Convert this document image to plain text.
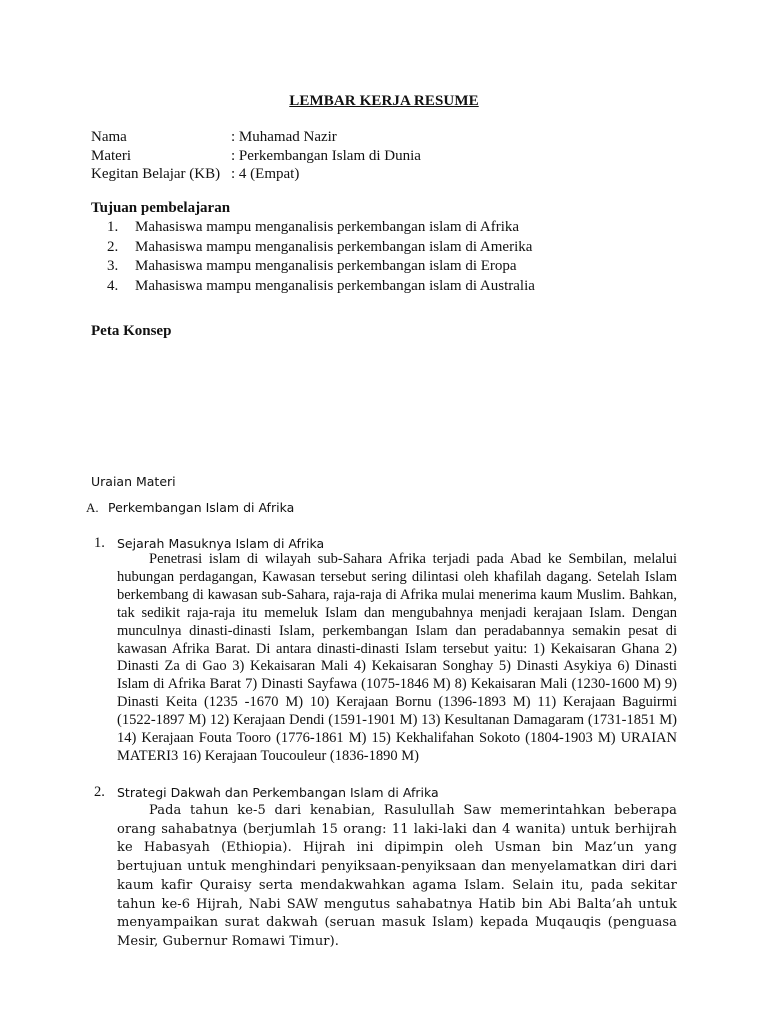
LEMBAR KERJA RESUME
Nama	: Muhamad Nazir
Materi	: Perkembangan Islam di Dunia
Kegitan Belajar (KB) : 4 (Empat)
Tujuan pembelajaran
1.	Mahasiswa mampu menganalisis perkembangan islam di Afrika
2.	Mahasiswa mampu menganalisis perkembangan islam di Amerika
3.	Mahasiswa mampu menganalisis perkembangan islam di Eropa
4.	Mahasiswa mampu menganalisis perkembangan islam di Australia
Peta Konsep
Uraian Materi
A. Perkembangan Islam di Afrika
1. Sejarah Masuknya Islam di Afrika
Penetrasi islam di wilayah sub-Sahara Afrika terjadi pada Abad ke Sembilan, melalui hubungan perdagangan, Kawasan tersebut sering dilintasi oleh khafilah dagang. Setelah Islam berkembang di kawasan sub-Sahara, raja-raja di Afrika mulai menerima kaum Muslim. Bahkan, tak sedikit raja-raja itu memeluk Islam dan mengubahnya menjadi kerajaan Islam. Dengan munculnya dinasti-dinasti Islam, perkembangan Islam dan peradabannya semakin pesat di kawasan Afrika Barat. Di antara dinasti-dinasti Islam tersebut yaitu: 1) Kekaisaran Ghana 2) Dinasti Za di Gao 3) Kekaisaran Mali 4) Kekaisaran Songhay 5) Dinasti Asykiya 6) Dinasti Islam di Afrika Barat 7) Dinasti Sayfawa (1075-1846 M) 8) Kekaisaran Mali (1230-1600 M) 9) Dinasti Keita (1235 -1670 M) 10) Kerajaan Bornu (1396-1893 M) 11) Kerajaan Baguirmi (1522-1897 M) 12) Kerajaan Dendi (1591-1901 M) 13) Kesultanan Damagaram (1731-1851 M) 14) Kerajaan Fouta Tooro (1776-1861 M) 15) Kekhalifahan Sokoto (1804-1903 M) URAIAN MATERI3 16) Kerajaan Toucouleur (1836-1890 M)
2. Strategi Dakwah dan Perkembangan Islam di Afrika
Pada tahun ke-5 dari kenabian, Rasulullah Saw memerintahkan beberapa orang sahabatnya (berjumlah 15 orang: 11 laki-laki dan 4 wanita) untuk berhijrah ke Habasyah (Ethiopia). Hijrah ini dipimpin oleh Usman bin Maz’un yang bertujuan untuk menghindari penyiksaan-penyiksaan dan menyelamatkan diri dari kaum kafir Quraisy serta mendakwahkan agama Islam. Selain itu, pada sekitar tahun ke-6 Hijrah, Nabi SAW mengutus sahabatnya Hatib bin Abi Balta’ah untuk menyampaikan surat dakwah (seruan masuk Islam) kepada Muqauqis (penguasa Mesir, Gubernur Romawi Timur).
